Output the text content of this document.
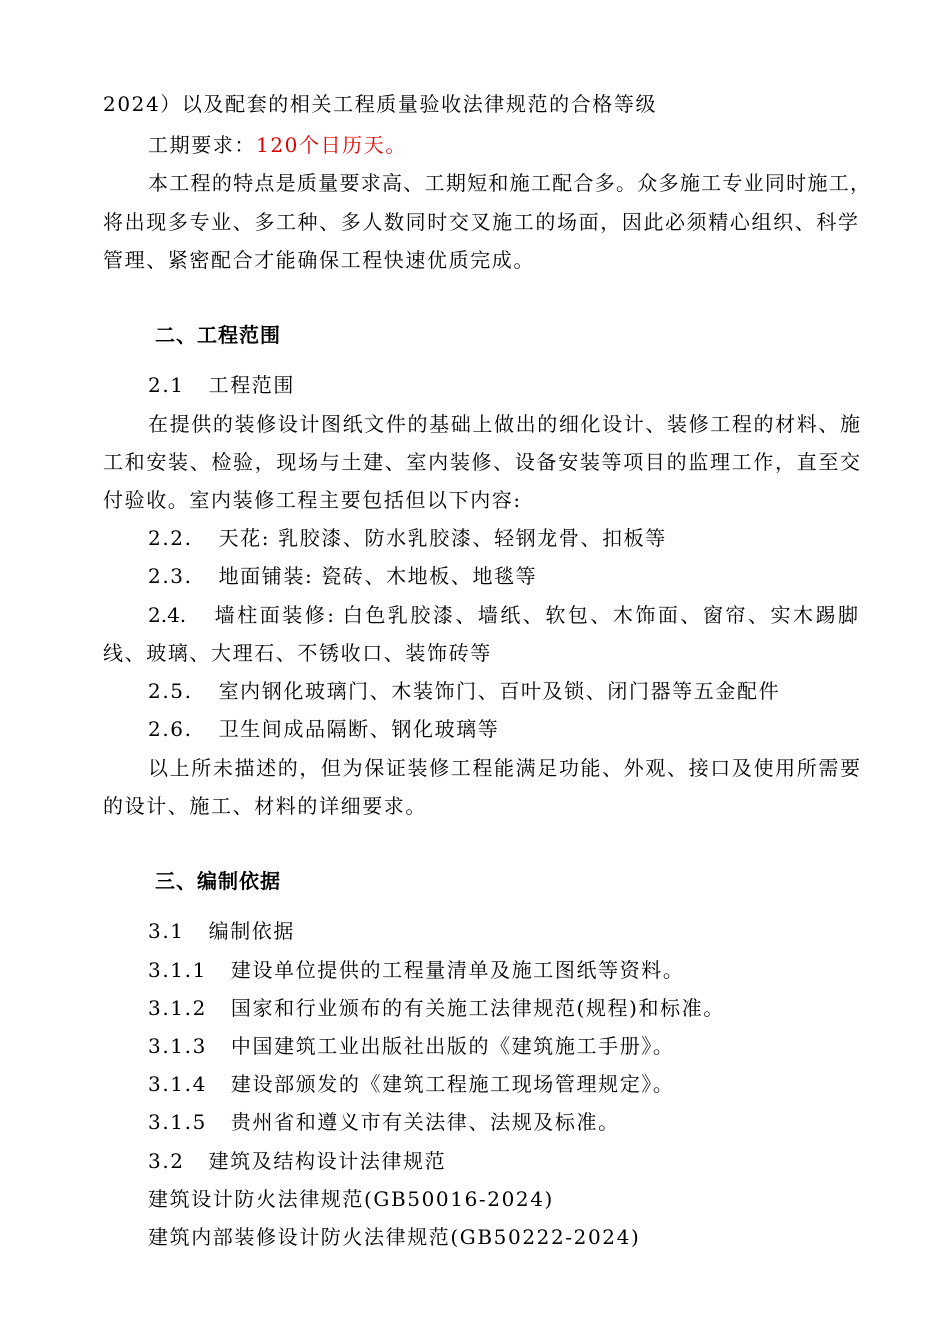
2024）以及配套的相关工程质量验收法律规范的合格等级
工期要求：120个日历天。
本工程的特点是质量要求高、工期短和施工配合多。众多施工专业同时施工，
将出现多专业、多工种、多人数同时交叉施工的场面，因此必须精心组织、科学
管理、紧密配合才能确保工程快速优质完成。
二、工程范围
2.1 工程范围
在提供的装修设计图纸文件的基础上做出的细化设计、装修工程的材料、施
工和安装、检验，现场与土建、室内装修、设备安装等项目的监理工作，直至交
付验收。室内装修工程主要包括但以下内容:
2.2. 天花: 乳胶漆、防水乳胶漆、轻钢龙骨、扣板等
2.3. 地面铺装: 瓷砖、木地板、地毯等
2.4. 墙柱面装修: 白色乳胶漆、墙纸、软包、木饰面、窗帘、实木踢脚
线、玻璃、大理石、不锈收口、装饰砖等
2.5. 室内钢化玻璃门、木装饰门、百叶及锁、闭门器等五金配件
2.6. 卫生间成品隔断、钢化玻璃等
以上所未描述的，但为保证装修工程能满足功能、外观、接口及使用所需要
的设计、施工、材料的详细要求。
三、编制依据
3.1 编制依据
3.1.1 建设单位提供的工程量清单及施工图纸等资料。
3.1.2 国家和行业颁布的有关施工法律规范(规程)和标准。
3.1.3 中国建筑工业出版社出版的《建筑施工手册》。
3.1.4 建设部颁发的《建筑工程施工现场管理规定》。
3.1.5 贵州省和遵义市有关法律、法规及标准。
3.2 建筑及结构设计法律规范
建筑设计防火法律规范(GB50016-2024)
建筑内部装修设计防火法律规范(GB50222-2024)
